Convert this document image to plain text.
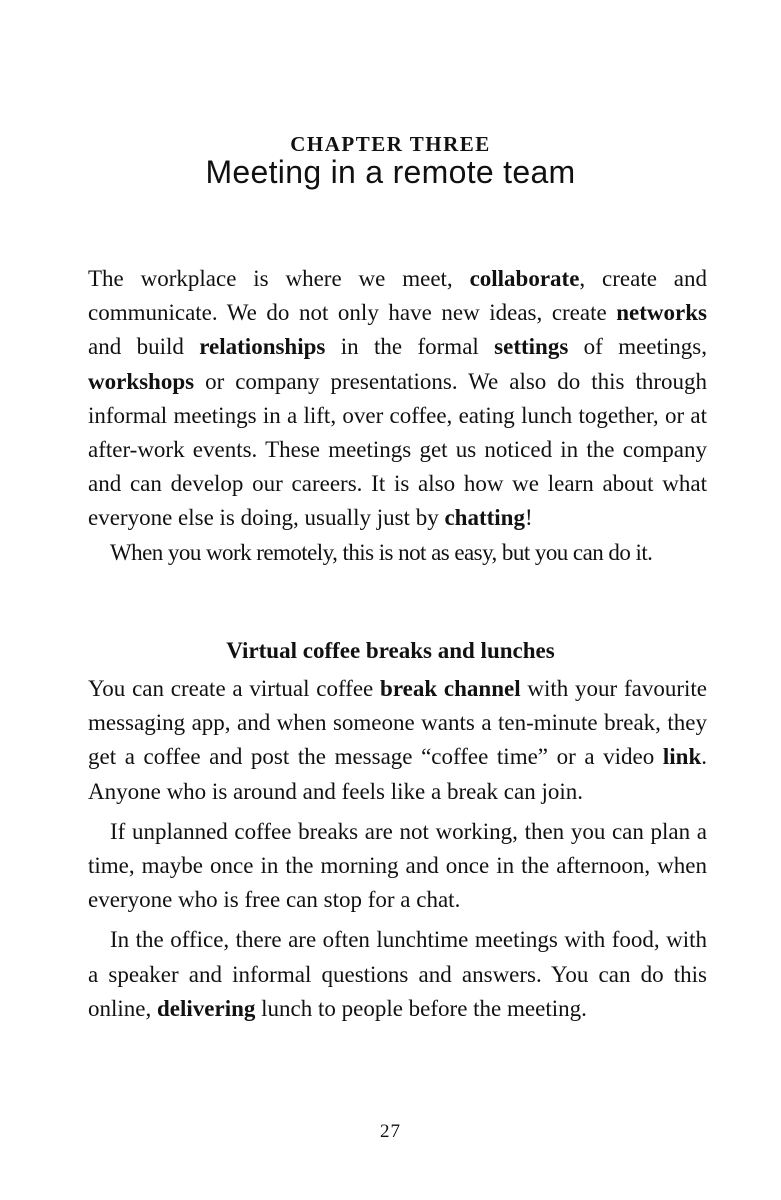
CHAPTER THREE
Meeting in a remote team

The workplace is where we meet, collaborate, create and communicate. We do not only have new ideas, create networks and build relationships in the formal settings of meetings, workshops or company presentations. We also do this through informal meetings in a lift, over coffee, eating lunch together, or at after-work events. These meetings get us noticed in the company and can develop our careers. It is also how we learn about what everyone else is doing, usually just by chatting!

When you work remotely, this is not as easy, but you can do it.

Virtual coffee breaks and lunches

You can create a virtual coffee break channel with your favourite messaging app, and when someone wants a ten-minute break, they get a coffee and post the message “coffee time” or a video link. Anyone who is around and feels like a break can join.

If unplanned coffee breaks are not working, then you can plan a time, maybe once in the morning and once in the afternoon, when everyone who is free can stop for a chat.

In the office, there are often lunchtime meetings with food, with a speaker and informal questions and answers. You can do this online, delivering lunch to people before the meeting.

27
